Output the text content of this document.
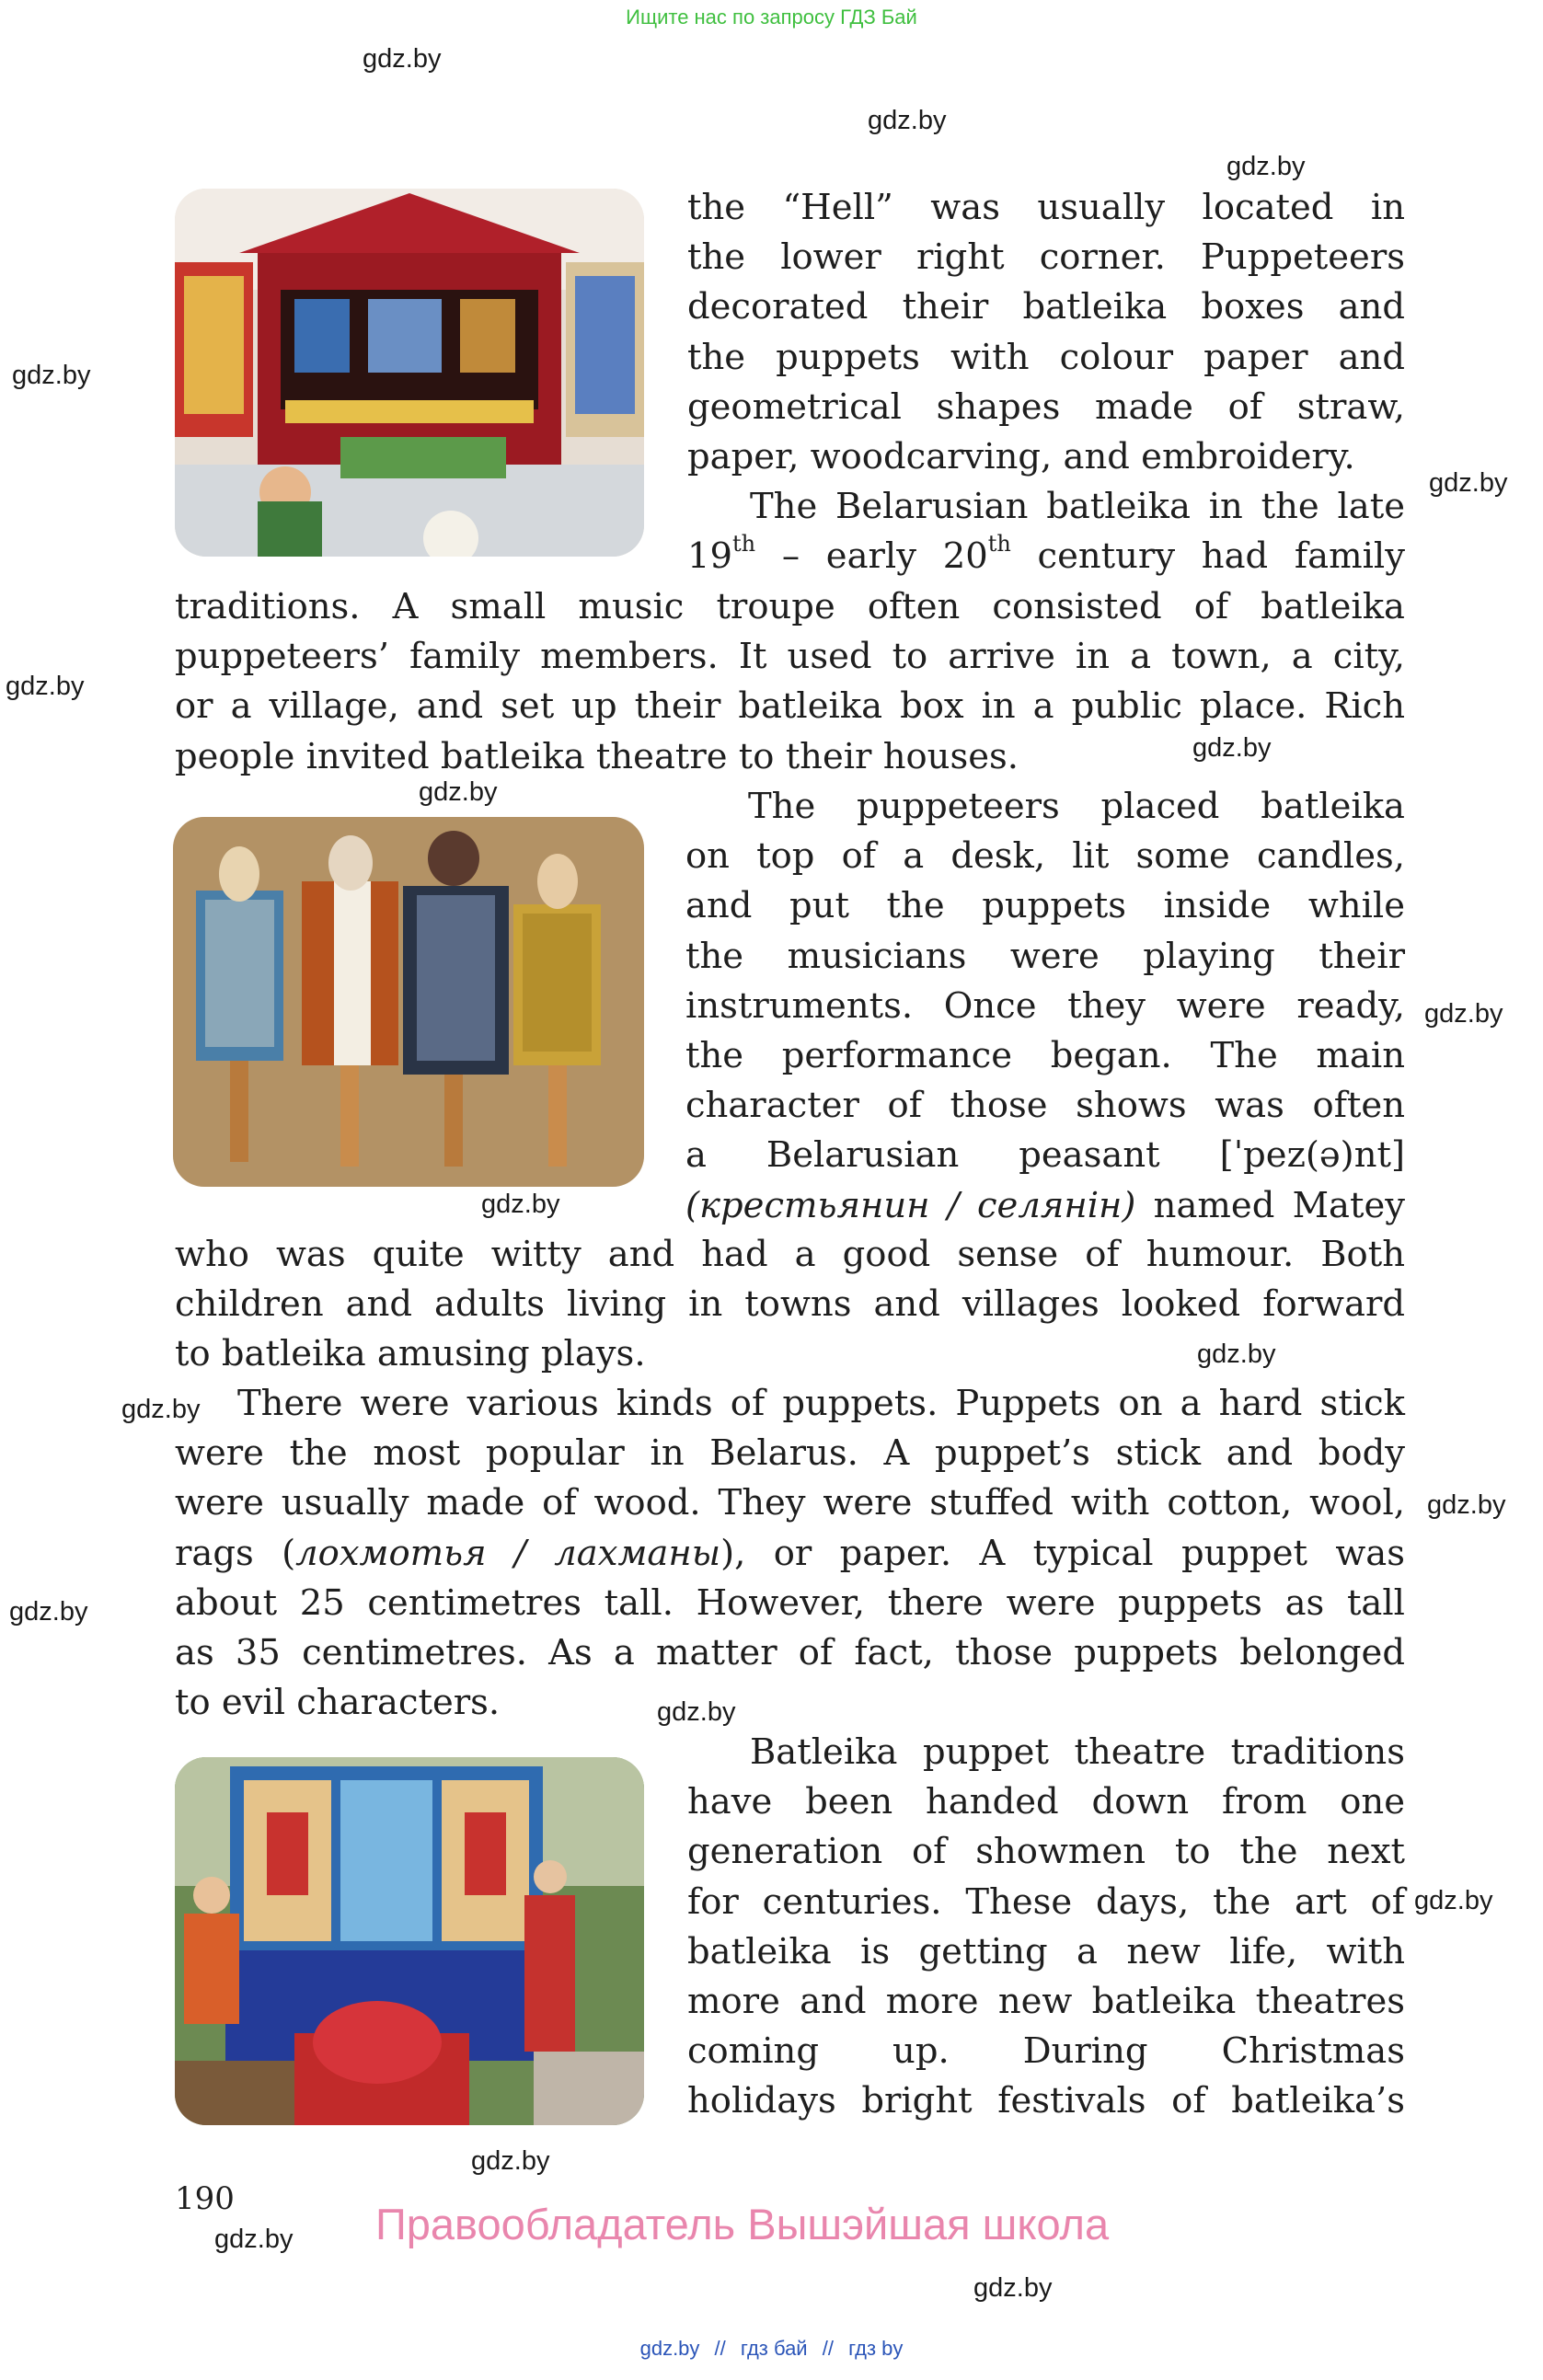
Ищите нас по запросу ГДЗ Бай
gdz.by
gdz.by
gdz.by
gdz.by
gdz.by
gdz.by
gdz.by
gdz.by
gdz.by
gdz.by
gdz.by
gdz.by
gdz.by
gdz.by
gdz.by
gdz.by
gdz.by
gdz.by
gdz.by
the “Hell” was usually located in
the lower right corner. Puppeteers
decorated their batleika boxes and
the puppets with colour paper and
geometrical shapes made of straw,
paper, woodcarving, and embroidery.
The Belarusian batleika in the late
19th – early 20th century had family
traditions. A small music troupe often consisted of batleika
puppeteers’ family members. It used to arrive in a town, a city,
or a village, and set up their batleika box in a public place. Rich
people invited batleika theatre to their houses.
The puppeteers placed batleika
on top of a desk, lit some candles,
and put the puppets inside while
the musicians were playing their
instruments. Once they were ready,
the performance began. The main
character of those shows was often
a Belarusian peasant [ˈpez(ə)nt]
(крестьянин / селянін) named Matey
who was quite witty and had a good sense of humour. Both
children and adults living in towns and villages looked forward
to batleika amusing plays.
There were various kinds of puppets. Puppets on a hard stick
were the most popular in Belarus. A puppet’s stick and body
were usually made of wood. They were stuffed with cotton, wool,
rags (лохмотья / лахманы), or paper. A typical puppet was
about 25 centimetres tall. However, there were puppets as tall
as 35 centimetres. As a matter of fact, those puppets belonged
to evil characters.
Batleika puppet theatre traditions
have been handed down from one
generation of showmen to the next
for centuries. These days, the art of
batleika is getting a new life, with
more and more new batleika theatres
coming up. During Christmas
holidays bright festivals of batleika’s
190
Правообладатель Вышэйшая школа
gdz.by // гдз бай // гдз by
